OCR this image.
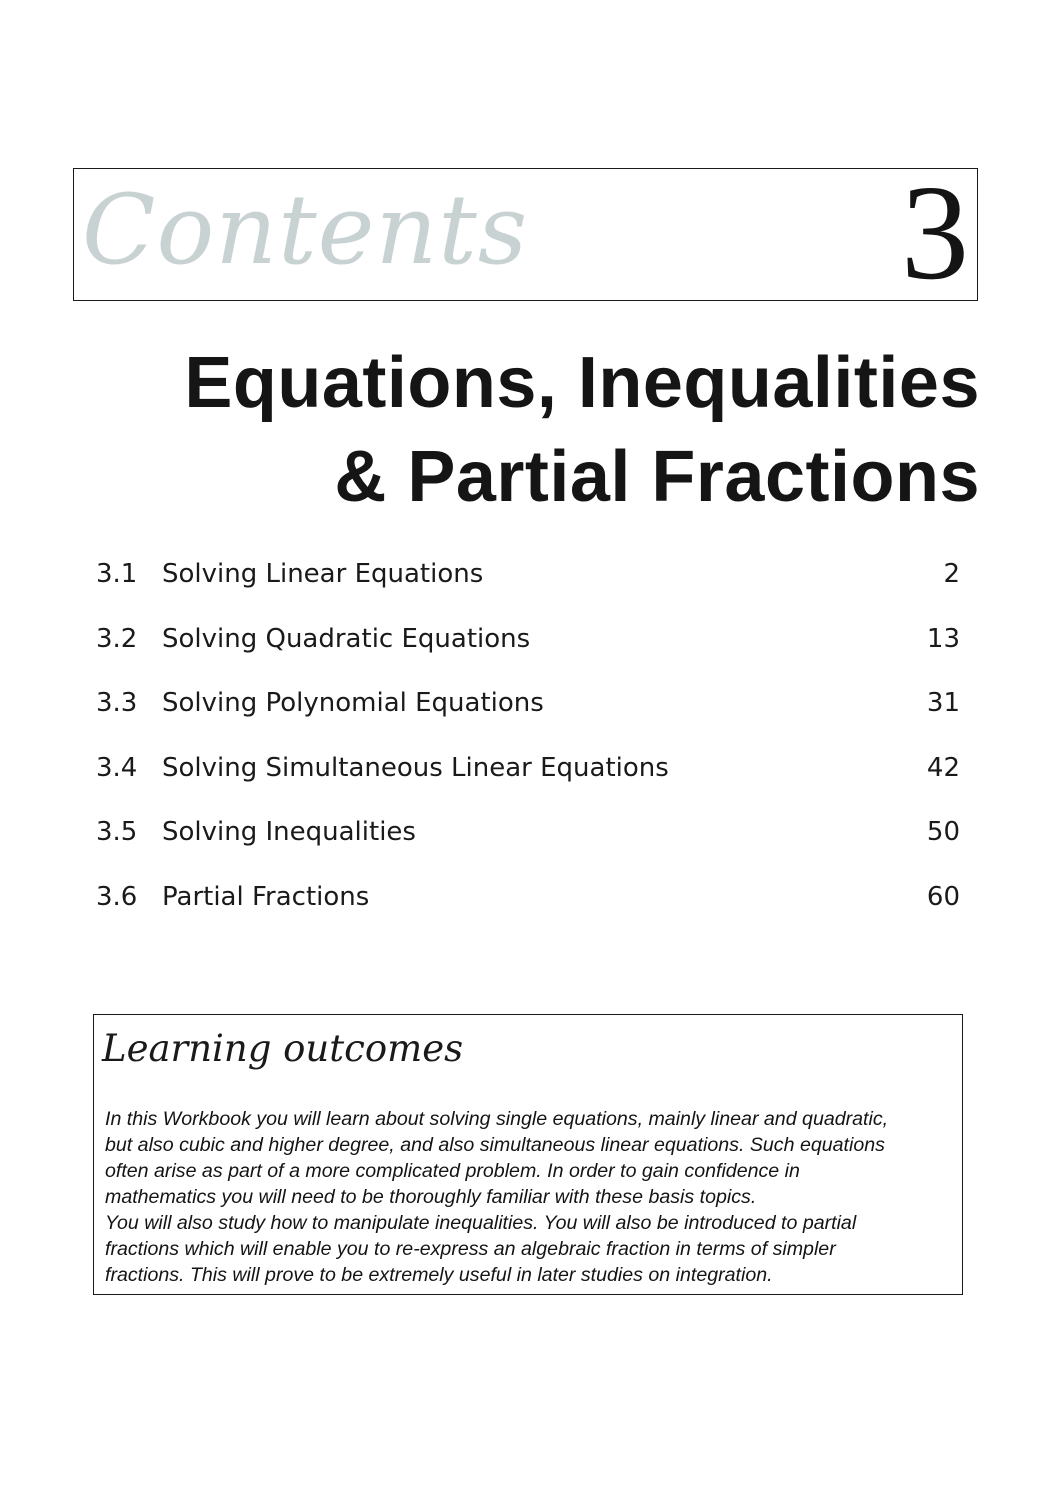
Contents	3
Equations, Inequalities
& Partial Fractions
3.1 Solving Linear Equations	2
3.2 Solving Quadratic Equations	13
3.3 Solving Polynomial Equations	31
3.4 Solving Simultaneous Linear Equations	42
3.5 Solving Inequalities	50
3.6 Partial Fractions	60
Learning outcomes
In this Workbook you will learn about solving single equations, mainly linear and quadratic,
but also cubic and higher degree, and also simultaneous linear equations. Such equations
often arise as part of a more complicated problem. In order to gain confidence in
mathematics you will need to be thoroughly familiar with these basis topics.
You will also study how to manipulate inequalities. You will also be introduced to partial
fractions which will enable you to re-express an algebraic fraction in terms of simpler
fractions. This will prove to be extremely useful in later studies on integration.
